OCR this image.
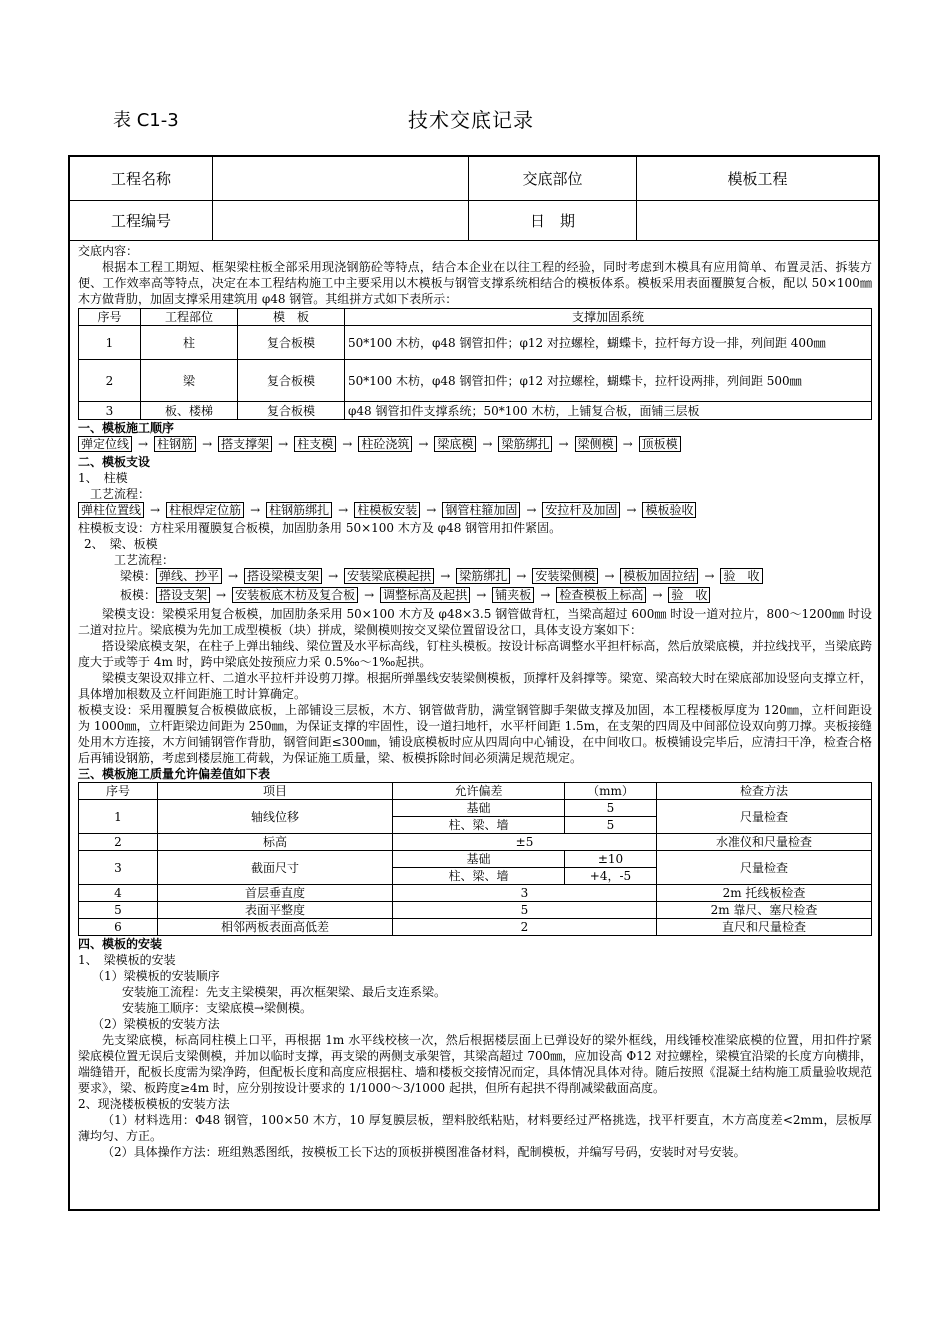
表 C1-3	技术交底记录
工程名称	交底部位	模板工程
工程编号	日　期
交底内容：
根据本工程工期短、框架梁柱板全部采用现浇钢筋砼等特点，结合本企业在以往工程的经验，同时考虑到木模具有应用简单、布置灵活、拆装方便、工作效率高等特点，决定在本工程结构施工中主要采用以木模板与钢管支撑系统相结合的模板体系。模板采用表面覆膜复合板，配以 50×100㎜ 木方做背肋，加固支撑采用建筑用 φ48 钢管。其组拼方式如下表所示：
序号	工程部位	模　板	支撑加固系统
1	柱	复合板模	50*100 木枋，φ48 钢管扣件；φ12 对拉螺栓，蝴蝶卡，拉杆每方设一排，列间距 400㎜
2	梁	复合板模	50*100 木枋，φ48 钢管扣件；φ12 对拉螺栓，蝴蝶卡，拉杆设两排，列间距 500㎜
3	板、楼梯	复合板模	φ48 钢管扣件支撑系统；50*100 木枋，上铺复合板，面铺三层板
一、模板施工顺序
弹定位线 → 柱钢筋 → 搭支撑架 → 柱支模 → 柱砼浇筑 → 梁底模 → 梁筋绑扎 → 梁侧模 → 顶板模
二、模板支设
1、　柱模
工艺流程：
弹柱位置线 → 柱根焊定位筋 → 柱钢筋绑扎 → 柱模板安装 → 钢管柱箍加固 → 安拉杆及加固 → 模板验收
柱模板支设：方柱采用覆膜复合板模，加固肋条用 50×100 木方及 φ48 钢管用扣件紧固。
2、　梁、板模
工艺流程：
梁模： 弹线、抄平 → 搭设梁模支架 → 安装梁底模起拱 → 梁筋绑扎 → 安装梁侧模 → 模板加固拉结 → 验　收
板模： 搭设支架 → 安装板底木枋及复合板 → 调整标高及起拱 → 铺夹板 → 检查模板上标高 → 验　收
梁模支设：梁模采用复合板模，加固肋条采用 50×100 木方及 φ48×3.5 钢管做背杠，当梁高超过 600㎜ 时设一道对拉片，800～1200㎜ 时设二道对拉片。梁底模为先加工成型模板（块）拼成，梁侧模则按交叉梁位置留设岔口，具体支设方案如下：
搭设梁底模支架，在柱子上弹出轴线、梁位置及水平标高线，钉柱头模板。按设计标高调整水平担杆标高，然后放梁底模，并拉线找平，当梁底跨度大于或等于 4m 时，跨中梁底处按预应力采 0.5‰～1‰起拱。
梁模支架设双排立杆、二道水平拉杆并设剪刀撑。根据所弹墨线安装梁侧模板，顶撑杆及斜撑等。梁宽、梁高较大时在梁底部加设竖向支撑立杆，具体增加根数及立杆间距施工时计算确定。
板模支设：采用覆膜复合板模做底板，上部铺设三层板，木方、钢管做背肋，满堂钢管脚手架做支撑及加固，本工程楼板厚度为 120㎜，立杆间距设为 1000㎜，立杆距梁边间距为 250㎜，为保证支撑的牢固性，设一道扫地杆，水平杆间距 1.5m，在支架的四周及中间部位设双向剪刀撑。夹板接缝处用木方连接，木方间铺钢管作背肋，钢管间距≤300㎜，铺设底模板时应从四周向中心铺设，在中间收口。板模铺设完毕后，应清扫干净，检查合格后再铺设钢筋，考虑到楼层施工荷载，为保证施工质量，梁、板模拆除时间必须满足规范规定。
三、模板施工质量允许偏差值如下表
序号	项目	允许偏差	（mm）	检查方法
1	轴线位移	基础	5	尺量检查
		柱、梁、墙	5	
2	标高	±5		水准仪和尺量检查
3	截面尺寸	基础	±10	尺量检查
		柱、梁、墙	+4，-5	
4	首层垂直度	3		2m 托线板检查
5	表面平整度	5		2m 靠尺、塞尺检查
6	相邻两板表面高低差	2		直尺和尺量检查
四、模板的安装
1、　梁模板的安装
（1）梁模板的安装顺序
安装施工流程：先支主梁模架，再次框架梁、最后支连系梁。
安装施工顺序：支梁底模→梁侧模。
（2）梁模板的安装方法
先支梁底模，标高同柱模上口平，再根据 1m 水平线校核一次，然后根据楼层面上已弹设好的梁外框线，用线锤校准梁底模的位置，用扣件拧紧梁底模位置无误后支梁侧模，并加以临时支撑，再支梁的两侧支承架管，其梁高超过 700㎜，应加设高 Φ12 对拉螺栓，梁模宜沿梁的长度方向横排，端缝错开，配板长度需为梁净跨，但配板长度和高度应根据柱、墙和楼板交接情况而定，具体情况具体对待。随后按照《混凝土结构施工质量验收规范要求》，梁、板跨度≥4m 时，应分别按设计要求的 1/1000～3/1000 起拱，但所有起拱不得削减梁截面高度。
2、现浇楼板模板的安装方法
（1）材料选用：Φ48 钢管，100×50 木方，10 厚复膜层板，塑料胶纸粘贴，材料要经过严格挑选，找平杆要直，木方高度差<2mm，层板厚薄均匀、方正。
（2）具体操作方法：班组熟悉图纸，按模板工长下达的顶板拼模图准备材料，配制模板，并编写号码，安装时对号安装。
